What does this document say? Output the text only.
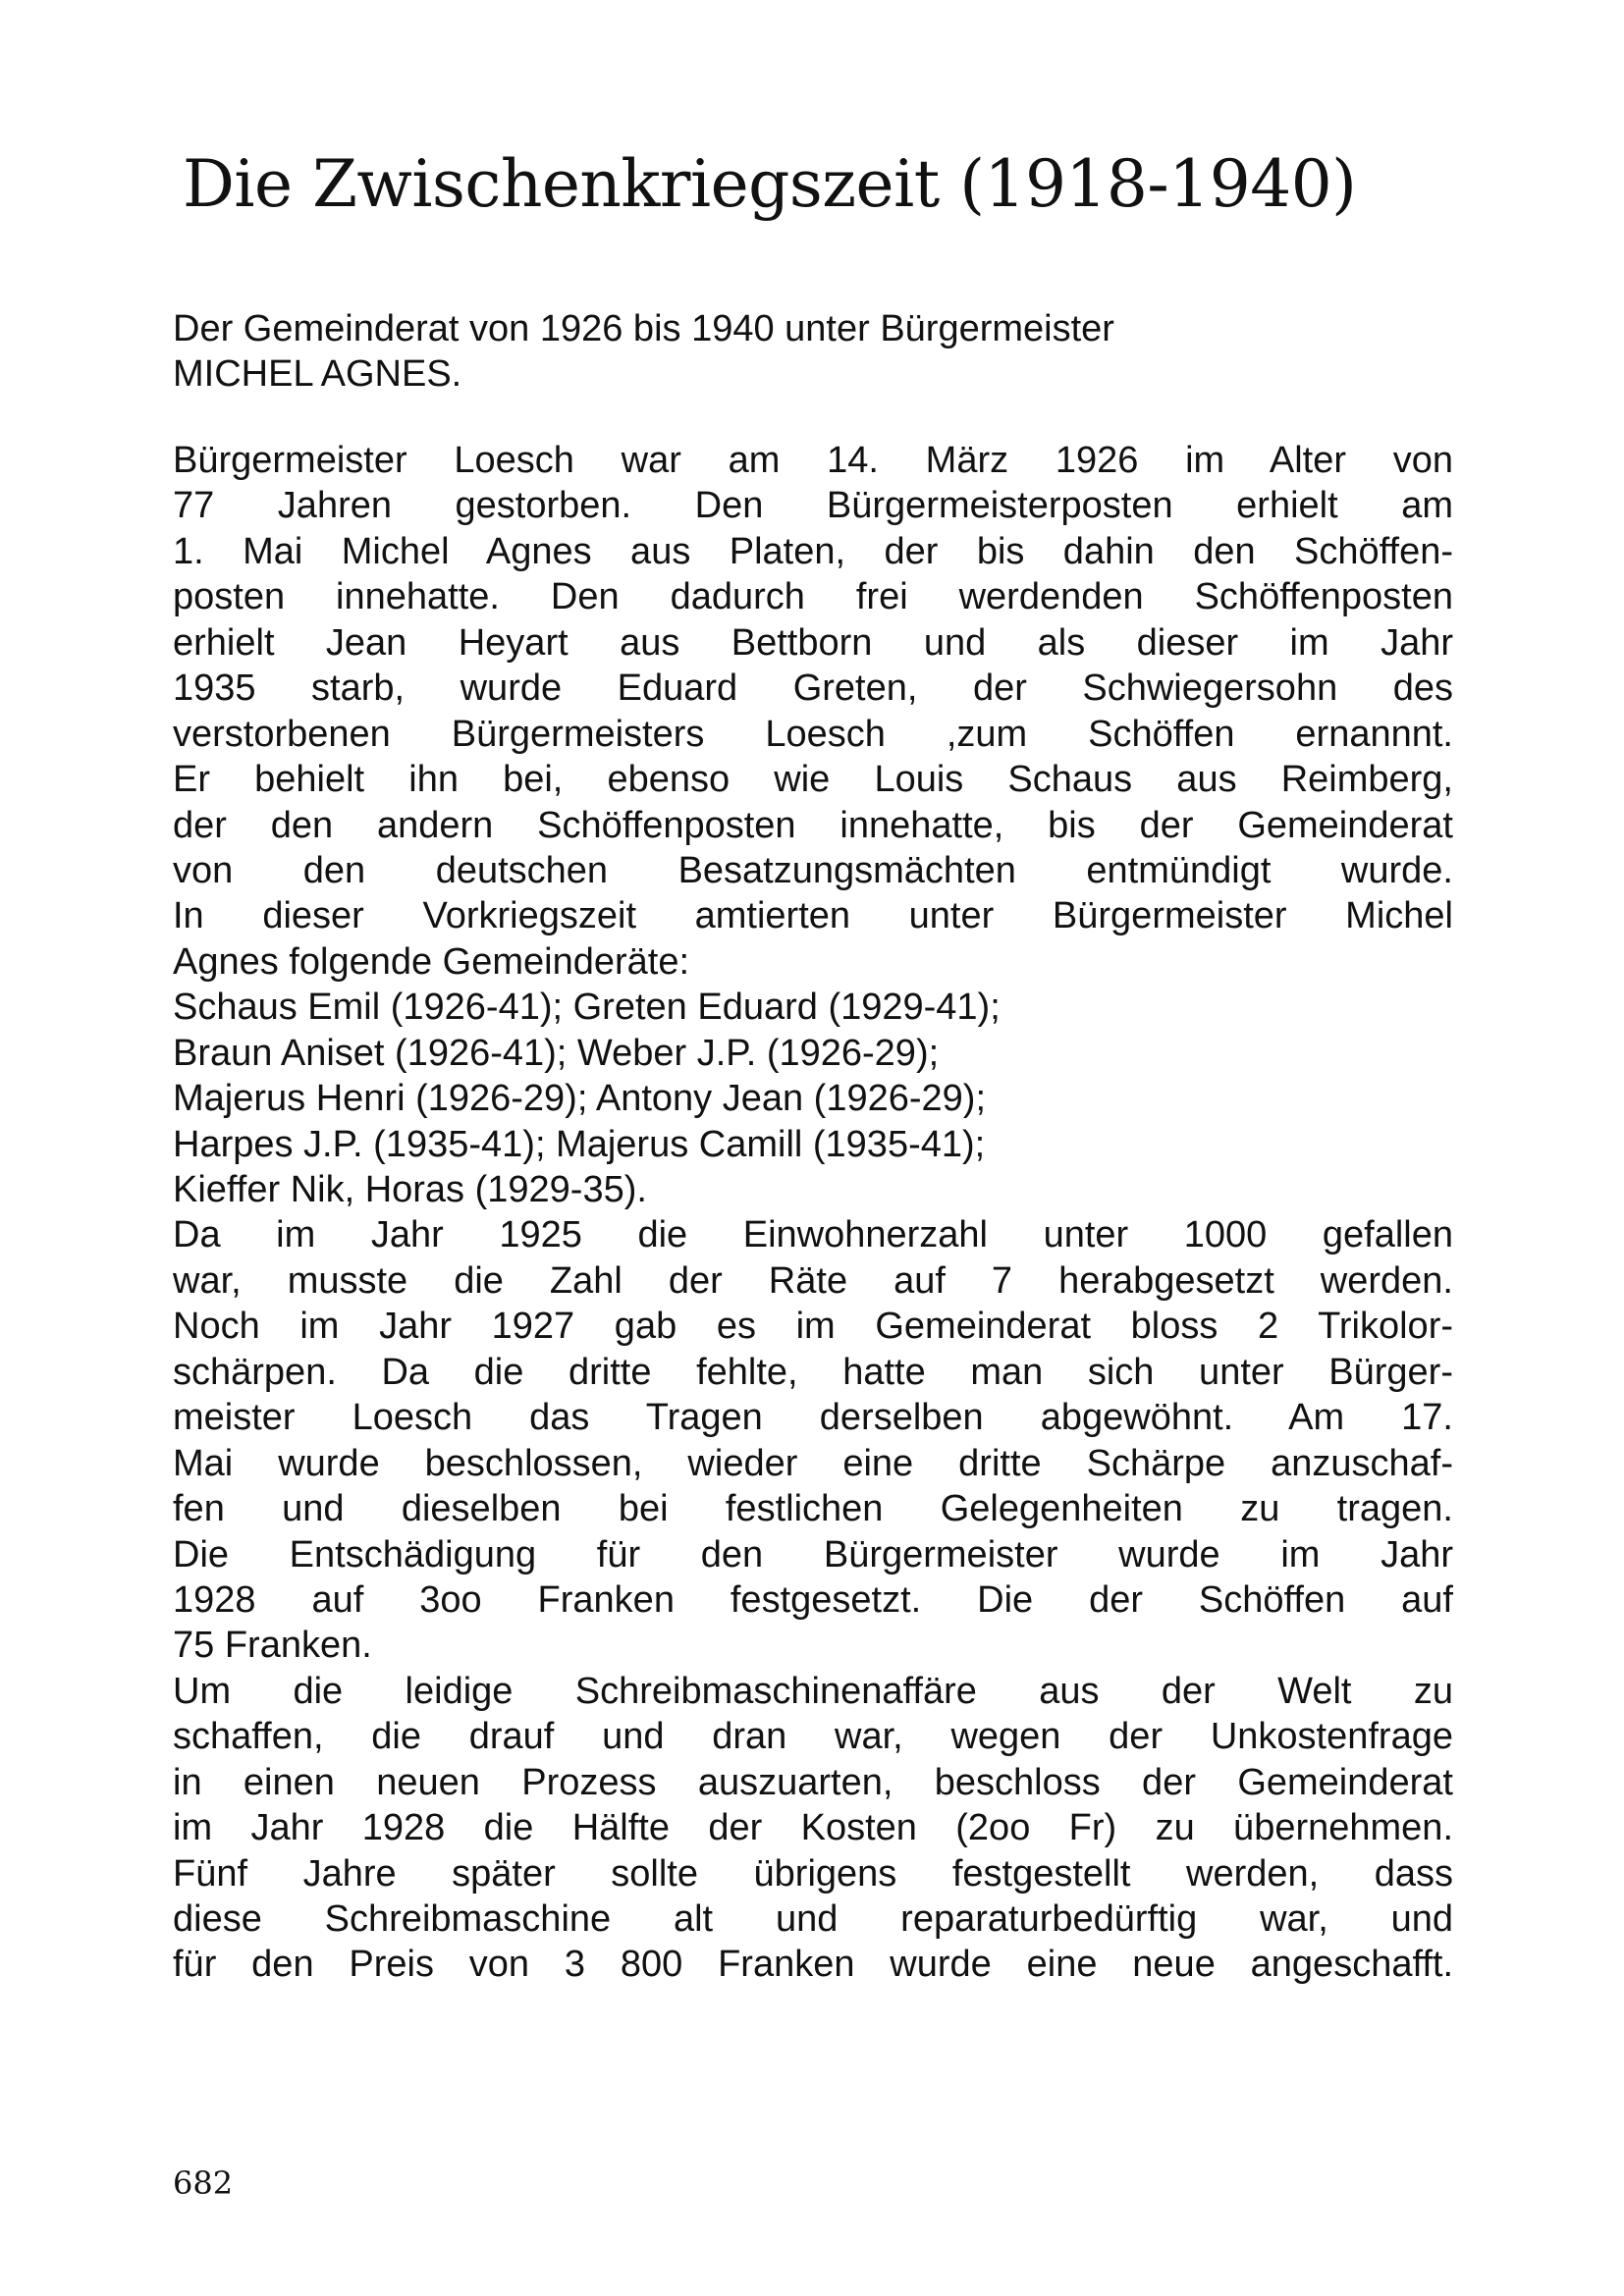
Die Zwischenkriegszeit (1918-1940)

Der Gemeinderat von 1926 bis 1940 unter Bürgermeister
MICHEL AGNES.

Bürgermeister Loesch war am 14. März 1926 im Alter von
77 Jahren gestorben. Den Bürgermeisterposten erhielt am
1. Mai Michel Agnes aus Platen, der bis dahin den Schöffen-
posten innehatte. Den dadurch frei werdenden Schöffenposten
erhielt Jean Heyart aus Bettborn und als dieser im Jahr
1935 starb, wurde Eduard Greten, der Schwiegersohn des
verstorbenen Bürgermeisters Loesch ,zum Schöffen ernannnt.
Er behielt ihn bei, ebenso wie Louis Schaus aus Reimberg,
der den andern Schöffenposten innehatte, bis der Gemeinderat
von den deutschen Besatzungsmächten entmündigt wurde.
In dieser Vorkriegszeit amtierten unter Bürgermeister Michel
Agnes folgende Gemeinderäte:
Schaus Emil (1926-41); Greten Eduard (1929-41);
Braun Aniset (1926-41); Weber J.P. (1926-29);
Majerus Henri (1926-29); Antony Jean (1926-29);
Harpes J.P. (1935-41); Majerus Camill (1935-41);
Kieffer Nik, Horas (1929-35).
Da im Jahr 1925 die Einwohnerzahl unter 1000 gefallen
war, musste die Zahl der Räte auf 7 herabgesetzt werden.
Noch im Jahr 1927 gab es im Gemeinderat bloss 2 Trikolor-
schärpen. Da die dritte fehlte, hatte man sich unter Bürger-
meister Loesch das Tragen derselben abgewöhnt. Am 17.
Mai wurde beschlossen, wieder eine dritte Schärpe anzuschaf-
fen und dieselben bei festlichen Gelegenheiten zu tragen.
Die Entschädigung für den Bürgermeister wurde im Jahr
1928 auf 3oo Franken festgesetzt. Die der Schöffen auf
75 Franken.
Um die leidige Schreibmaschinenaffäre aus der Welt zu
schaffen, die drauf und dran war, wegen der Unkostenfrage
in einen neuen Prozess auszuarten, beschloss der Gemeinderat
im Jahr 1928 die Hälfte der Kosten (2oo Fr) zu übernehmen.
Fünf Jahre später sollte übrigens festgestellt werden, dass
diese Schreibmaschine alt und reparaturbedürftig war, und
für den Preis von 3 800 Franken wurde eine neue angeschafft.

682
